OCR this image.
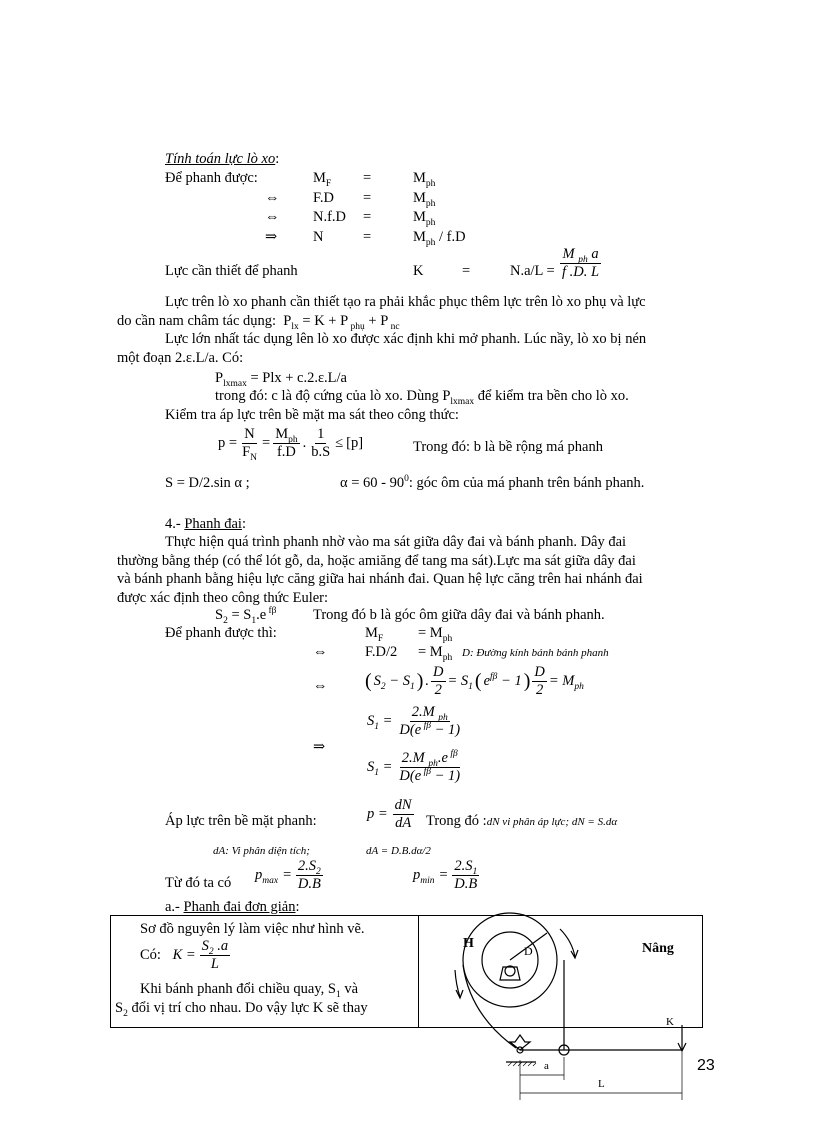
Tính toán lực lò xo:
Để phanh được:	$M_F$ =	$M_{ph}$
⇔ F.D =	$M_{ph}$
⇔ N.f.D =	$M_{ph}$
⇒ N	=	$M_{ph} / f.D$
Lực cần thiết để phanh	K	=	$N.a/L = \frac{M _{ph} a}{f .D. L}$
Lực trên lò xo phanh cần thiết tạo ra phải khắc phục thêm lực trên lò xo phụ và lực
do cần nam châm tác dụng: $P_{lx} = K + P$ $_{phụ}$ + P $_{nc}$
Lực lớn nhất tác dụng lên lò xo được xác định khi mở phanh. Lúc nầy, lò xo bị nén
một đoạn 2.ε.L/a. Có:
$P_{lxmax}$ = Plx + c.2.ε.L/a
trong đó: c là độ cứng của lò xo. Dùng $P_{lxmax}$ để kiểm tra bền cho lò xo.
Kiểm tra áp lực trên bề mặt ma sát theo công thức:
$p = \frac{N}{F_N} = \frac{M_{ph}}{f.D}$ . $\frac{1}{b.S} \le [p]$	Trong đó: b là bề rộng má phanh
S = D/2.sin α ;	$\alpha = 60 - 90^0$: góc ôm của má phanh trên bánh phanh.
4.- Phanh đai:
Thực hiện quá trình phanh nhờ vào ma sát giữa dây đai và bánh phanh. Dây đai
thường bằng thép (có thể lót gỗ, da, hoặc amiăng để tang ma sát).Lực ma sát giữa dây đai
và bánh phanh bằng hiệu lực căng giữa hai nhánh đai. Quan hệ lực căng trên hai nhánh đai
được xác định theo công thức Euler:
$S_2 = S_1.e$ $^{f\beta}$	Trong đó b là góc ôm giữa dây đai và bánh phanh.
Để phanh được thì:	$M_F = M_{ph}$
⇔	$F.D/2 = M_{ph}$ D: Đường kính bánh bánh phanh
⇔ ( $S_2 - S_1$ ) . $\frac{D}{2} = S_1$ ( $e^{f\beta} - 1$ ) $\frac{D}{2} = M_{ph}$
$S_1 = \frac{2.M _{ph}}{D(e ^{f\beta} - 1)}$
⇒
$S_1 = \frac{2.M _{ph}.e ^{f\beta}}{D(e ^{f\beta} - 1)}$
Áp lực trên bề mặt phanh:	$p = \frac{dN}{dA}$ Trong đó :dN vi phân áp lực; dN = S.dα
dA: Vi phân diện tích;	dA = D.B.dα/2
Từ đó ta có $p_{max} = \frac{2.S_2}{D.B}$	$p_{min} = \frac{2.S_1}{D.B}$
a.- Phanh đai đơn giản:
Sơ đồ nguyên lý làm việc như hình vẽ.
Có:
$K = \frac{S_2 .a}{L}$
Khi bánh phanh đổi chiều quay, $S_1$ và
$S_2$ đổi vị trí cho nhau. Do vậy lực K sẽ thay
H	D	Nâng
K
a
L
23
